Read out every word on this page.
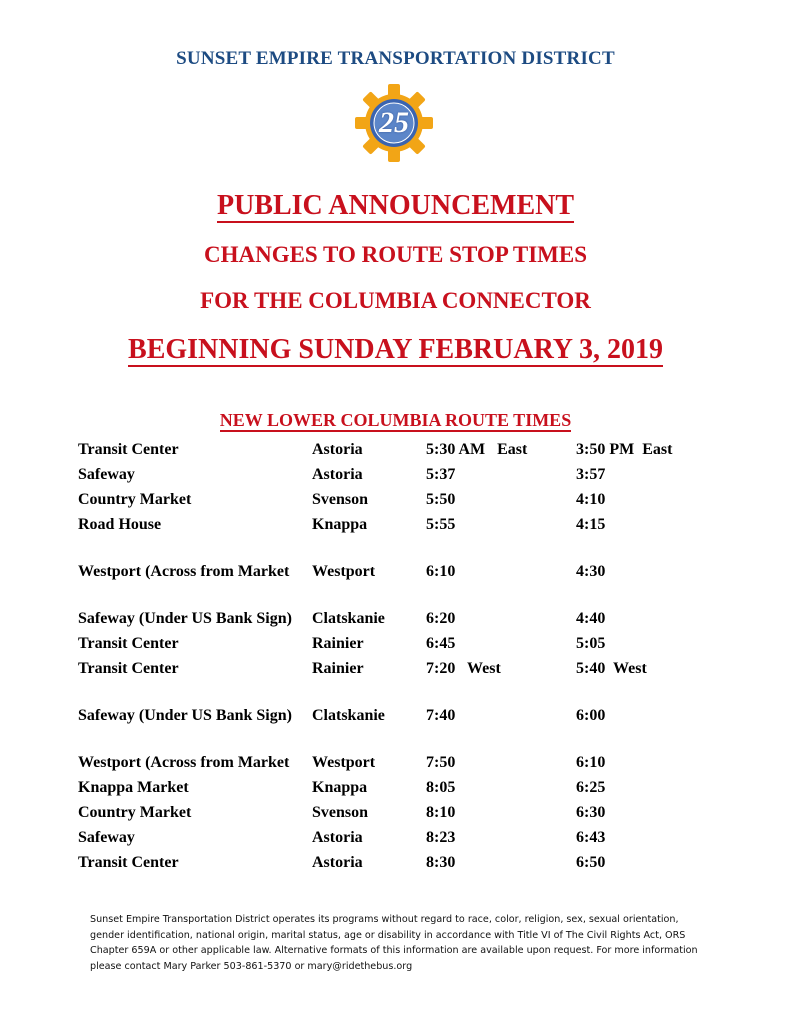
SUNSET EMPIRE TRANSPORTATION DISTRICT
25
PUBLIC ANNOUNCEMENT
CHANGES TO ROUTE STOP TIMES
FOR THE COLUMBIA CONNECTOR
BEGINNING SUNDAY FEBRUARY 3, 2019
NEW LOWER COLUMBIA ROUTE TIMES
Transit Center	Astoria	5:30 AM   East	3:50 PM  East
Safeway	Astoria	5:37	3:57
Country Market	Svenson	5:50	4:10
Road House	Knappa	5:55	4:15
Westport (Across from Market	Westport	6:10	4:30
Safeway (Under US Bank Sign)	Clatskanie	6:20	4:40
Transit Center	Rainier	6:45	5:05
Transit Center	Rainier	7:20   West	5:40  West
Safeway (Under US Bank Sign)	Clatskanie	7:40	6:00
Westport (Across from Market	Westport	7:50	6:10
Knappa Market	Knappa	8:05	6:25
Country Market	Svenson	8:10	6:30
Safeway	Astoria	8:23	6:43
Transit Center	Astoria	8:30	6:50
Sunset Empire Transportation District operates its programs without regard to race, color, religion, sex, sexual orientation, gender identification, national origin, marital status, age or disability in accordance with Title VI of The Civil Rights Act, ORS Chapter 659A or other applicable law. Alternative formats of this information are available upon request. For more information please contact Mary Parker 503-861-5370 or mary@ridethebus.org
